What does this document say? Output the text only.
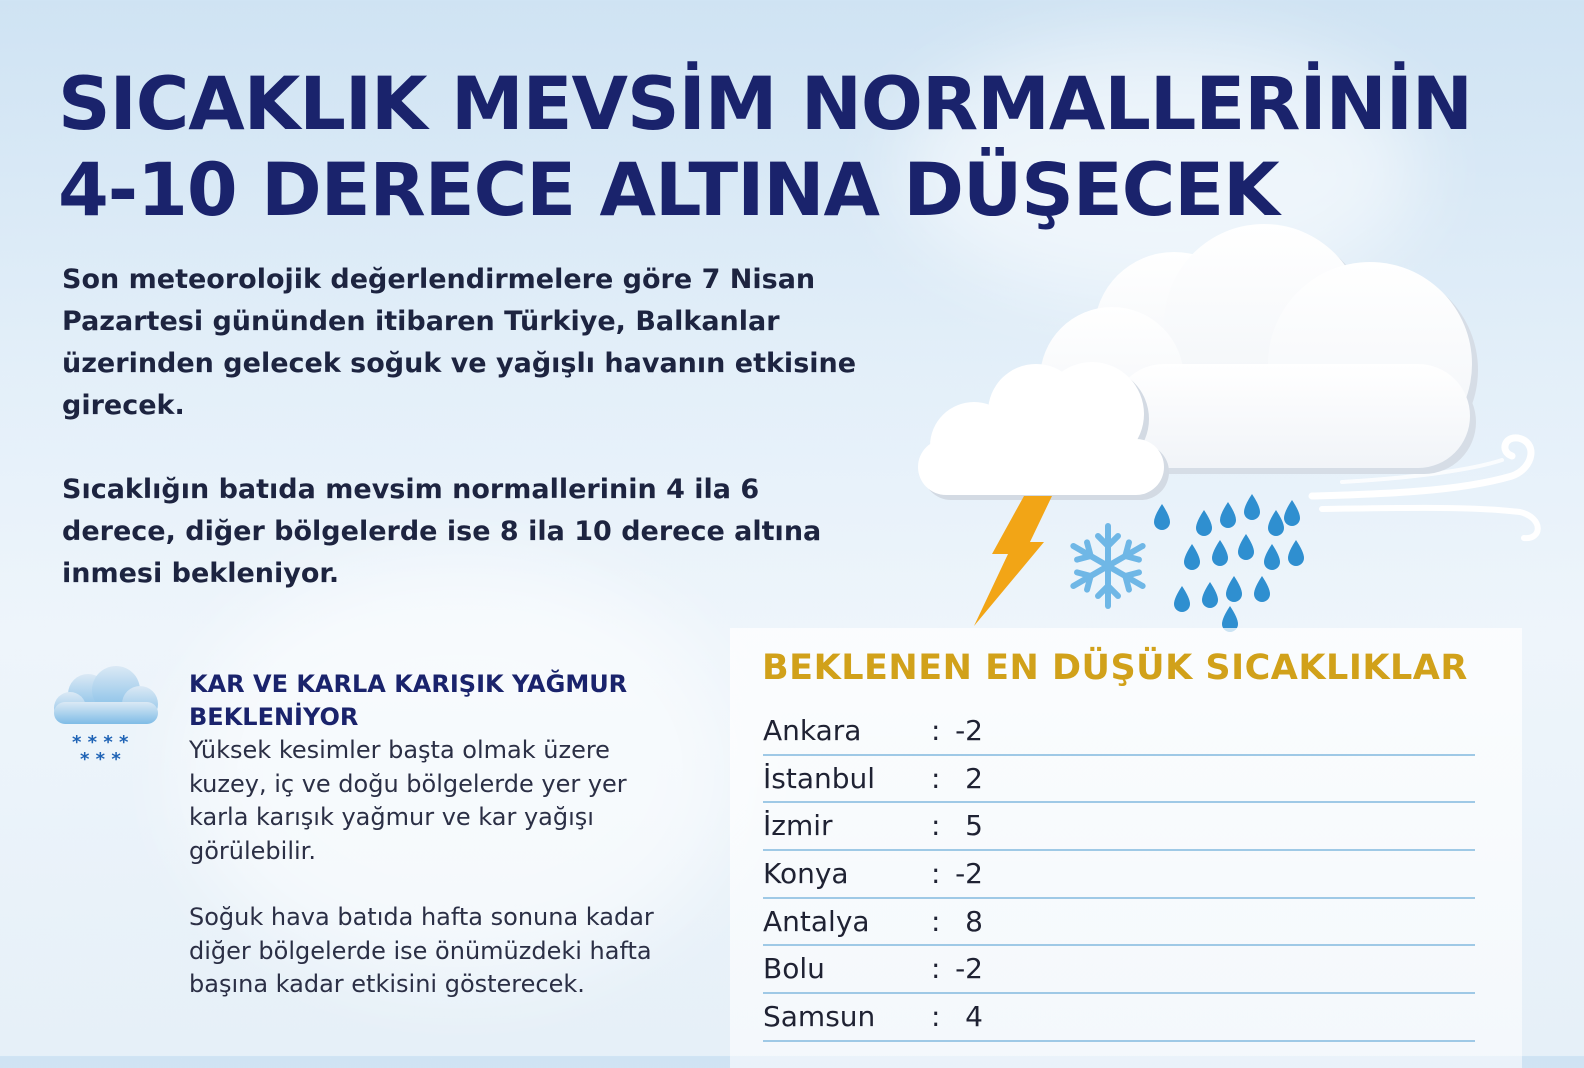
SICAKLIK MEVSİM NORMALLERİNİN
4-10 DERECE ALTINA DÜŞECEK

Son meteorolojik değerlendirmelere göre 7 Nisan Pazartesi gününden itibaren Türkiye, Balkanlar üzerinden gelecek soğuk ve yağışlı havanın etkisine girecek.

Sıcaklığın batıda mevsim normallerinin 4 ila 6 derece, diğer bölgelerde ise 8 ila 10 derece altına inmesi bekleniyor.

* * * *
* * *

KAR VE KARLA KARIŞIK YAĞMUR BEKLENİYOR

Yüksek kesimler başta olmak üzere kuzey, iç ve doğu bölgelerde yer yer karla karışık yağmur ve kar yağışı görülebilir.

Soğuk hava batıda hafta sonuna kadar diğer bölgelerde ise önümüzdeki hafta başına kadar etkisini gösterecek.

BEKLENEN EN DÜŞÜK SICAKLIKLAR
Ankara : -2
İstanbul : 2
İzmir	: 5
Konya	: -2
Antalya : 8
Bolu	: -2
Samsun : 4
